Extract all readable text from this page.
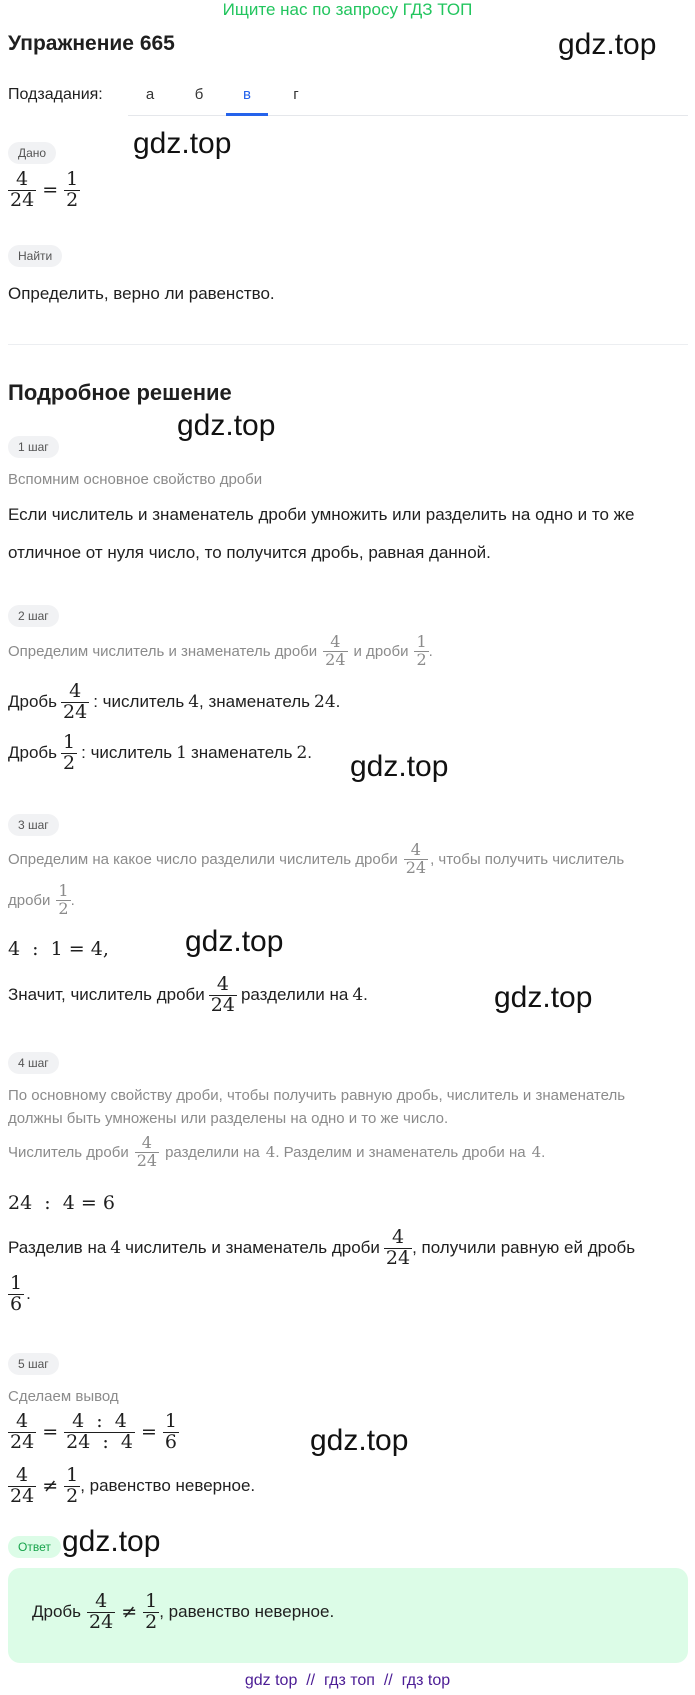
Ищите нас по запросу ГДЗ ТОП
Упражнение 665	gdz.top
Подзадания:	а	б	в	г
Дано	gdz.top
$\frac{4}{24} = \frac{1}{2}$
Найти
Определить, верно ли равенство.
Подробное решение
gdz.top
1 шаг
Вспомним основное свойство дроби
Если числитель и знаменатель дроби умножить или разделить на одно и то же
отличное от нуля число, то получится дробь, равная данной.
2 шаг
Определим числитель и знаменатель дроби $\frac{4}{24}$ и дроби $\frac{1}{2}$ .
Дробь $\frac{4}{24}$ : числитель 4 , знаменатель 24 .
Дробь $\frac{1}{2}$ : числитель 1 знаменатель 2 . gdz.top
3 шаг
Определим на какое число разделили числитель дроби $\frac{4}{24}$ , чтобы получить числитель
дроби $\frac{1}{2}$ .
4  :  1 = 4,	gdz.top
Значит, числитель дроби $\frac{4}{24}$ разделили на 4 .	gdz.top
4 шаг
По основному свойству дроби, чтобы получить равную дробь, числитель и знаменатель
должны быть умножены или разделены на одно и то же число.
Числитель дроби $\frac{4}{24}$ разделили на 4 . Разделим и знаменатель дроби на 4 .
24  :  4 = 6
Разделив на 4 числитель и знаменатель дроби $\frac{4}{24}$ , получили равную ей дробь
$\frac{1}{6}$ .
5 шаг
Сделаем вывод
$\frac{4}{24} = \frac{4 : 4}{24 : 4} = \frac{1}{6}$	gdz.top
$\frac{4}{24} \ne \frac{1}{2}$ , равенство неверное.
Ответ gdz.top
Дробь $\frac{4}{24} \ne \frac{1}{2}$ , равенство неверное.
gdz top // гдз топ // гдз top
